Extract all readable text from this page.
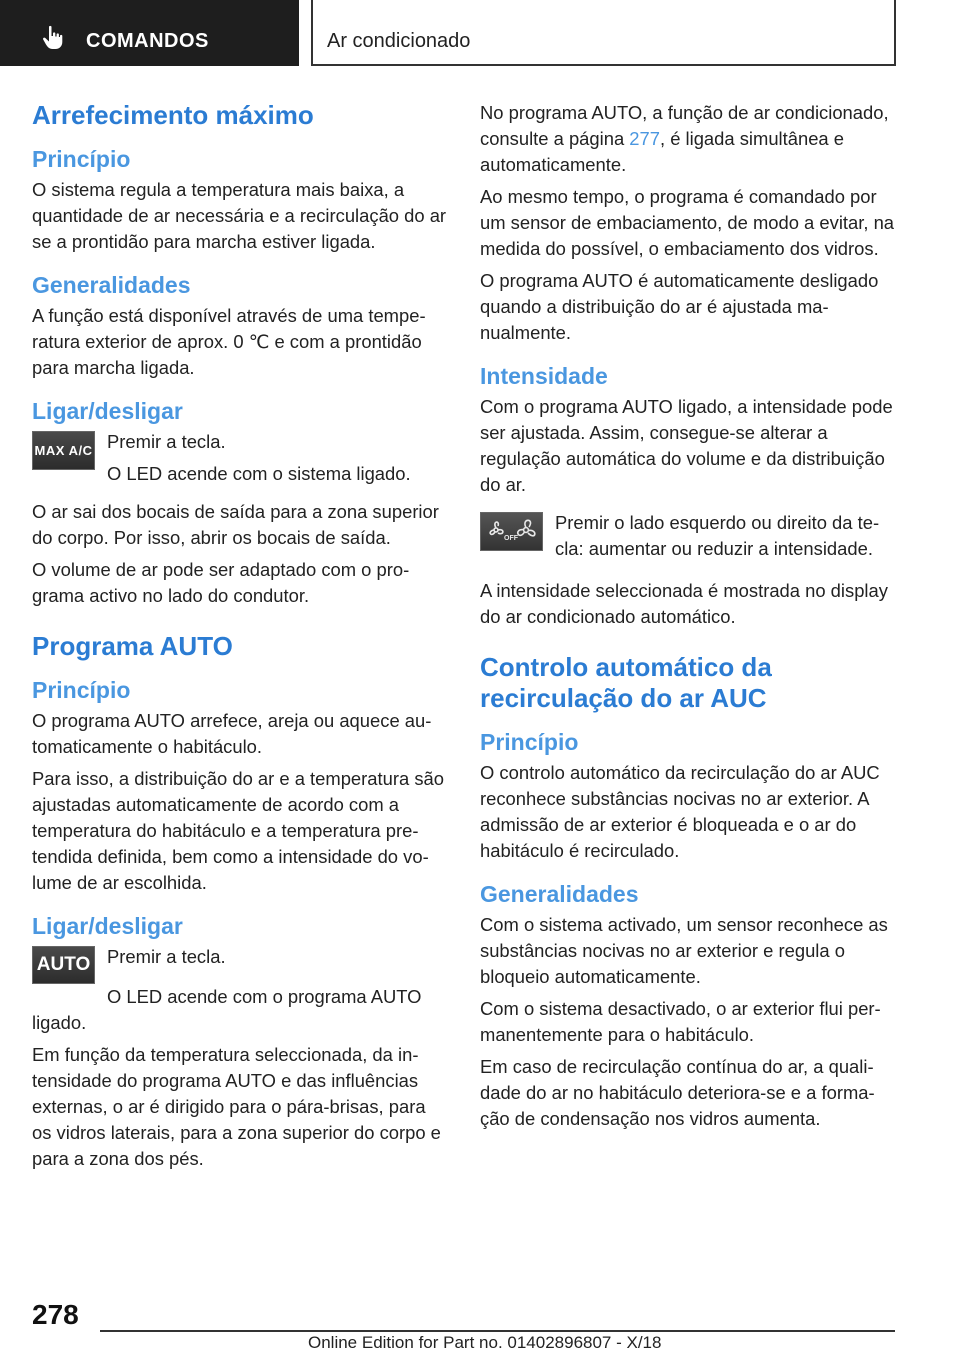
COMANDOS	Ar condicionado
Arrefecimento máximo
Princípio

O sistema regula a temperatura mais baixa, a quantidade de ar necessária e a recirculação do ar se a prontidão para marcha estiver ligada.

Generalidades

A função está disponível através de uma temperatura exterior de aprox. 0 ℃ e com a prontidão para marcha ligada.

Ligar/desligar
MAX A/C Premir a tecla.

O LED acende com o sistema ligado.

O ar sai dos bocais de saída para a zona superior do corpo. Por isso, abrir os bocais de saída.

O volume de ar pode ser adaptado com o programa activo no lado do condutor.

Programa AUTO
Princípio

O programa AUTO arrefece, areja ou aquece automaticamente o habitáculo.

Para isso, a distribuição do ar e a temperatura são ajustadas automaticamente de acordo com a temperatura do habitáculo e a temperatura pretendida definida, bem como a intensidade do volume de ar escolhida.

Ligar/desligar
AUTO Premir a tecla.

O LED acende com o programa AUTO ligado.

Em função da temperatura seleccionada, da intensidade do programa AUTO e das influências externas, o ar é dirigido para o pára-brisas, para os vidros laterais, para a zona superior do corpo e para a zona dos pés.

No programa AUTO, a função de ar condicionado, consulte a página 277, é ligada simultânea e automaticamente.

Ao mesmo tempo, o programa é comandado por um sensor de embaciamento, de modo a evitar, na medida do possível, o embaciamento dos vidros.

O programa AUTO é automaticamente desligado quando a distribuição do ar é ajustada manualmente.

Intensidade

Com o programa AUTO ligado, a intensidade pode ser ajustada. Assim, consegue-se alterar a regulação automática do volume e da distribuição do ar.

OFF

Premir o lado esquerdo ou direito da tecla: aumentar ou reduzir a intensidade.

A intensidade seleccionada é mostrada no display do ar condicionado automático.

Controlo automático da recirculação do ar AUC
Princípio

O controlo automático da recirculação do ar AUC reconhece substâncias nocivas no ar exterior. A admissão de ar exterior é bloqueada e o ar do habitáculo é recirculado.

Generalidades

Com o sistema activado, um sensor reconhece as substâncias nocivas no ar exterior e regula o bloqueio automaticamente.

Com o sistema desactivado, o ar exterior flui permanentemente para o habitáculo.

Em caso de recirculação contínua do ar, a qualidade do ar no habitáculo deteriora-se e a formação de condensação nos vidros aumenta.

278
Online Edition for Part no. 01402896807 - X/18
